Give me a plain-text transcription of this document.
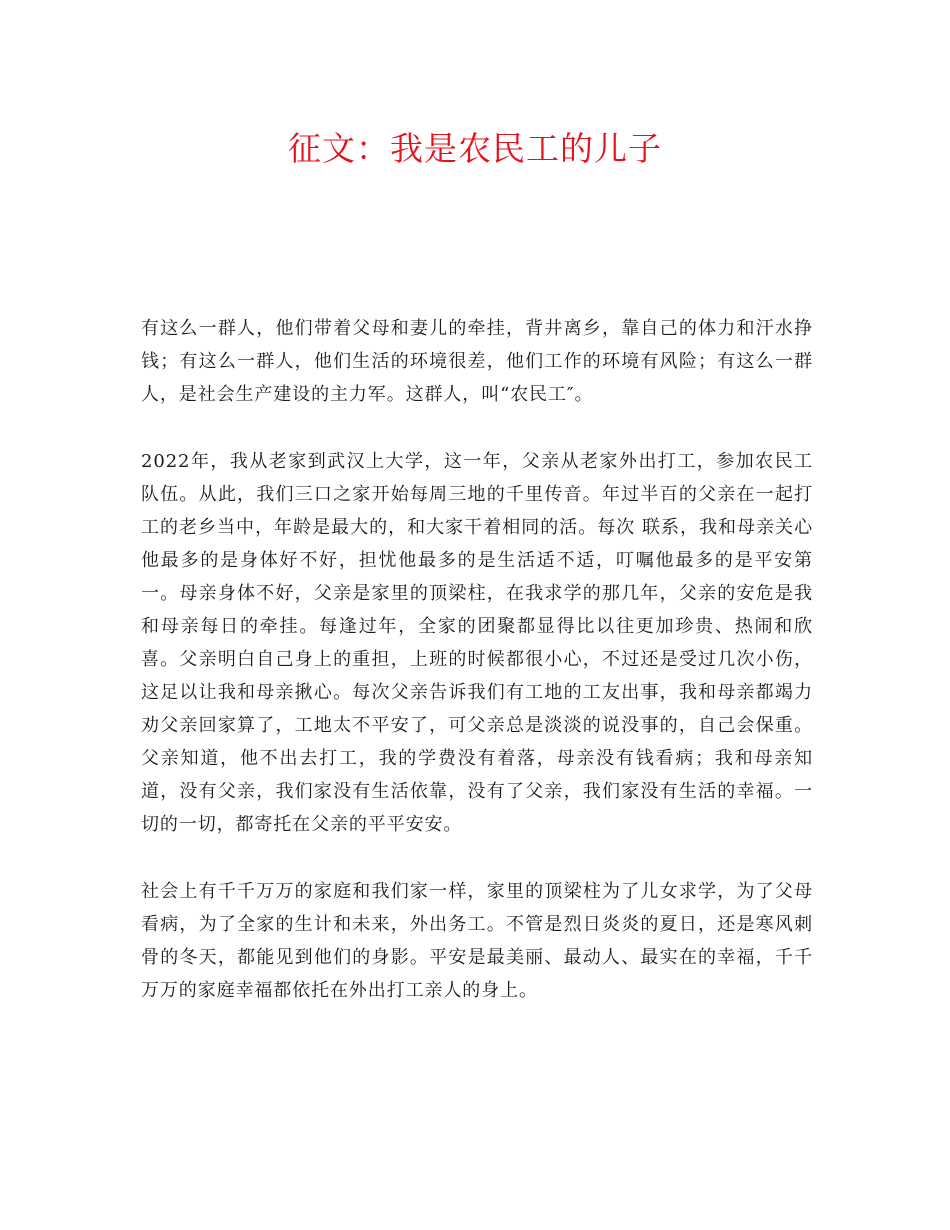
征文：我是农民工的儿子

有这么一群人，他们带着父母和妻儿的牵挂，背井离乡，靠自己的体力和汗水挣钱；有这么一群人，他们生活的环境很差，他们工作的环境有风险；有这么一群人，是社会生产建设的主力军。这群人，叫“农民工″。

2022年，我从老家到武汉上大学，这一年，父亲从老家外出打工，参加农民工队伍。从此，我们三口之家开始每周三地的千里传音。年过半百的父亲在一起打工的老乡当中，年龄是最大的，和大家干着相同的活。每次 联系，我和母亲关心他最多的是身体好不好，担忧他最多的是生活适不适，叮嘱他最多的是平安第一。母亲身体不好，父亲是家里的顶梁柱，在我求学的那几年，父亲的安危是我和母亲每日的牵挂。每逢过年，全家的团聚都显得比以往更加珍贵、热闹和欣喜。父亲明白自己身上的重担，上班的时候都很小心，不过还是受过几次小伤，这足以让我和母亲揪心。每次父亲告诉我们有工地的工友出事，我和母亲都竭力劝父亲回家算了，工地太不平安了，可父亲总是淡淡的说没事的，自己会保重。父亲知道，他不出去打工，我的学费没有着落，母亲没有钱看病；我和母亲知道，没有父亲，我们家没有生活依靠，没有了父亲，我们家没有生活的幸福。一切的一切，都寄托在父亲的平平安安。

社会上有千千万万的家庭和我们家一样，家里的顶梁柱为了儿女求学，为了父母看病，为了全家的生计和未来，外出务工。不管是烈日炎炎的夏日，还是寒风刺骨的冬天，都能见到他们的身影。平安是最美丽、最动人、最实在的幸福，千千万万的家庭幸福都依托在外出打工亲人的身上。
